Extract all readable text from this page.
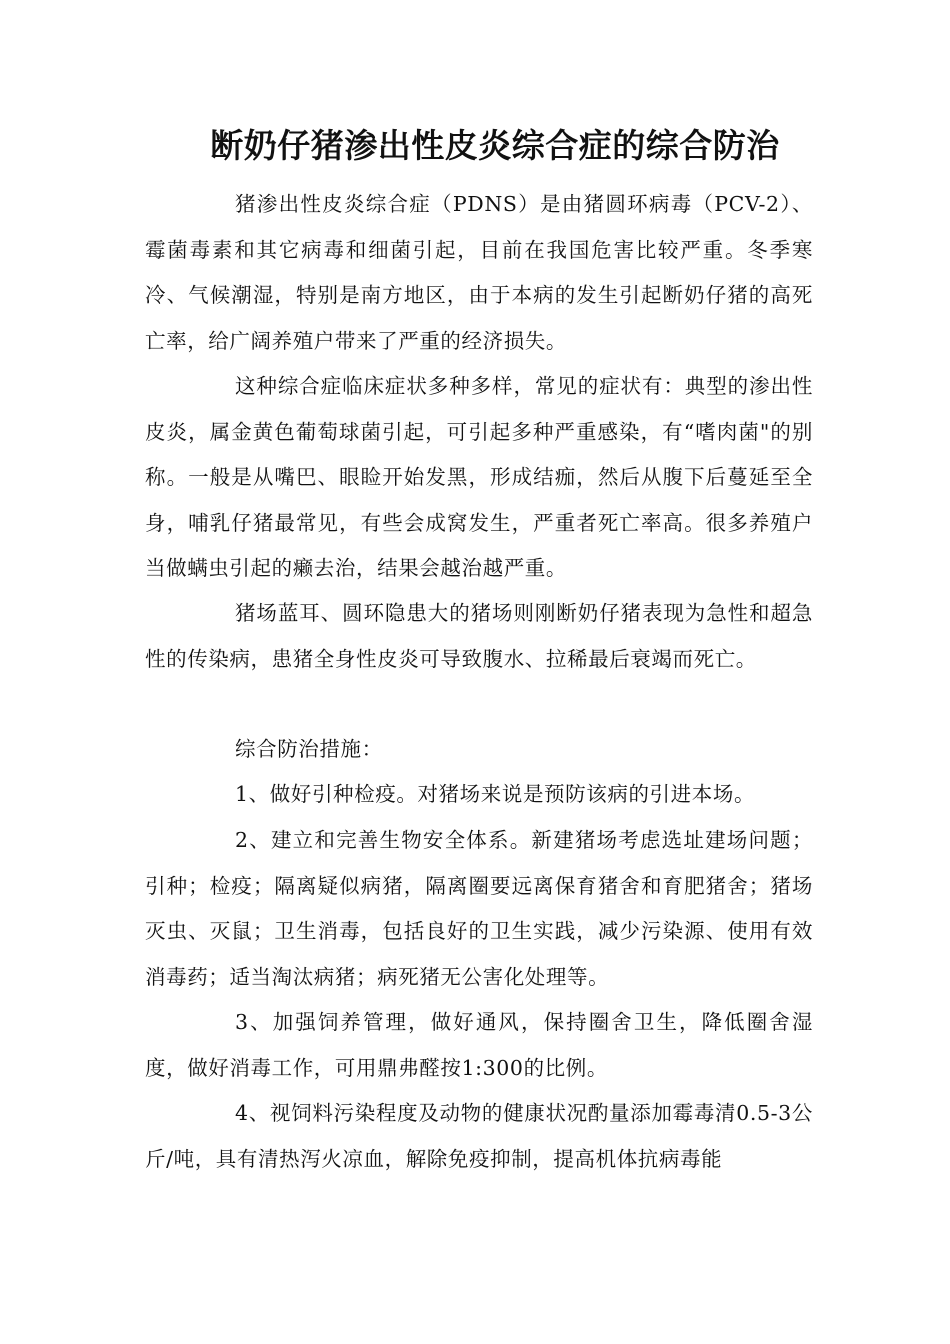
断奶仔猪渗出性皮炎综合症的综合防治

猪渗出性皮炎综合症（PDNS）是由猪圆环病毒（PCV-2）、霉菌毒素和其它病毒和细菌引起，目前在我国危害比较严重。冬季寒冷、气候潮湿，特别是南方地区，由于本病的发生引起断奶仔猪的高死亡率，给广阔养殖户带来了严重的经济损失。

这种综合症临床症状多种多样，常见的症状有：典型的渗出性皮炎，属金黄色葡萄球菌引起，可引起多种严重感染，有“嗜肉菌"的别称。一般是从嘴巴、眼睑开始发黑，形成结痂，然后从腹下后蔓延至全身，哺乳仔猪最常见，有些会成窝发生，严重者死亡率高。很多养殖户当做螨虫引起的癞去治，结果会越治越严重。

猪场蓝耳、圆环隐患大的猪场则刚断奶仔猪表现为急性和超急性的传染病，患猪全身性皮炎可导致腹水、拉稀最后衰竭而死亡。

综合防治措施：

1、做好引种检疫。对猪场来说是预防该病的引进本场。

2、建立和完善生物安全体系。新建猪场考虑选址建场问题；引种；检疫；隔离疑似病猪，隔离圈要远离保育猪舍和育肥猪舍；猪场灭虫、灭鼠；卫生消毒，包括良好的卫生实践，减少污染源、使用有效消毒药；适当淘汰病猪；病死猪无公害化处理等。

3、加强饲养管理，做好通风，保持圈舍卫生，降低圈舍湿度，做好消毒工作，可用鼎弗醛按1:300的比例。

4、视饲料污染程度及动物的健康状况酌量添加霉毒清0.5-3公斤/吨，具有清热泻火凉血，解除免疫抑制，提高机体抗病毒能
